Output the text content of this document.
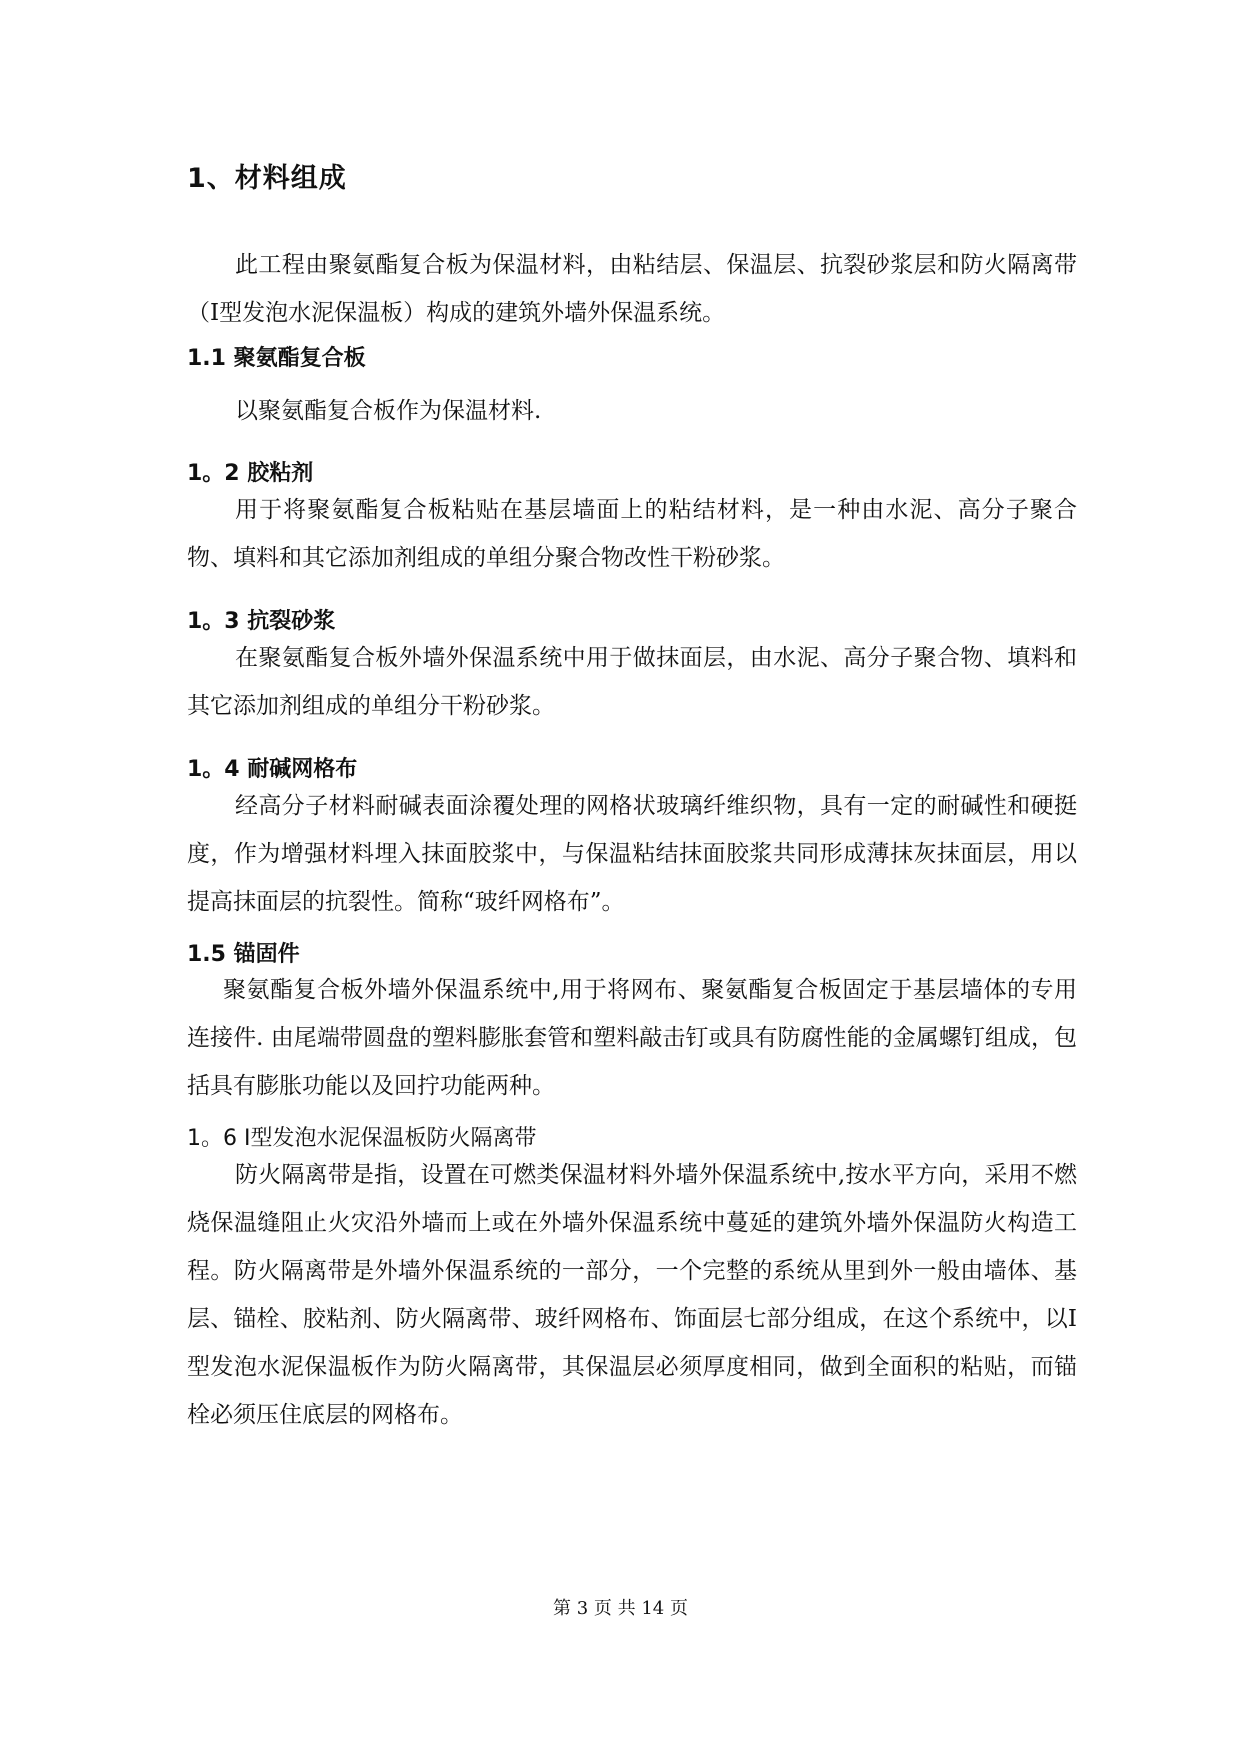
1、材料组成

此工程由聚氨酯复合板为保温材料，由粘结层、保温层、抗裂砂浆层和防火隔离带（Ⅰ型发泡水泥保温板）构成的建筑外墙外保温系统。

1.1 聚氨酯复合板

以聚氨酯复合板作为保温材料.

1。2 胶粘剂

用于将聚氨酯复合板粘贴在基层墙面上的粘结材料，是一种由水泥、高分子聚合物、填料和其它添加剂组成的单组分聚合物改性干粉砂浆。

1。3 抗裂砂浆

在聚氨酯复合板外墙外保温系统中用于做抹面层，由水泥、高分子聚合物、填料和其它添加剂组成的单组分干粉砂浆。

1。4 耐碱网格布

经高分子材料耐碱表面涂覆处理的网格状玻璃纤维织物，具有一定的耐碱性和硬挺度，作为增强材料埋入抹面胶浆中，与保温粘结抹面胶浆共同形成薄抹灰抹面层，用以提高抹面层的抗裂性。简称“玻纤网格布”。

1.5 锚固件

聚氨酯复合板外墙外保温系统中,用于将网布、聚氨酯复合板固定于基层墙体的专用连接件. 由尾端带圆盘的塑料膨胀套管和塑料敲击钉或具有防腐性能的金属螺钉组成，包括具有膨胀功能以及回拧功能两种。

1。6 Ⅰ型发泡水泥保温板防火隔离带

防火隔离带是指，设置在可燃类保温材料外墙外保温系统中,按水平方向，采用不燃烧保温缝阻止火灾沿外墙而上或在外墙外保温系统中蔓延的建筑外墙外保温防火构造工程。防火隔离带是外墙外保温系统的一部分，一个完整的系统从里到外一般由墙体、基层、锚栓、胶粘剂、防火隔离带、玻纤网格布、饰面层七部分组成，在这个系统中，以Ⅰ型发泡水泥保温板作为防火隔离带，其保温层必须厚度相同，做到全面积的粘贴，而锚栓必须压住底层的网格布。

第 3 页 共 14 页
